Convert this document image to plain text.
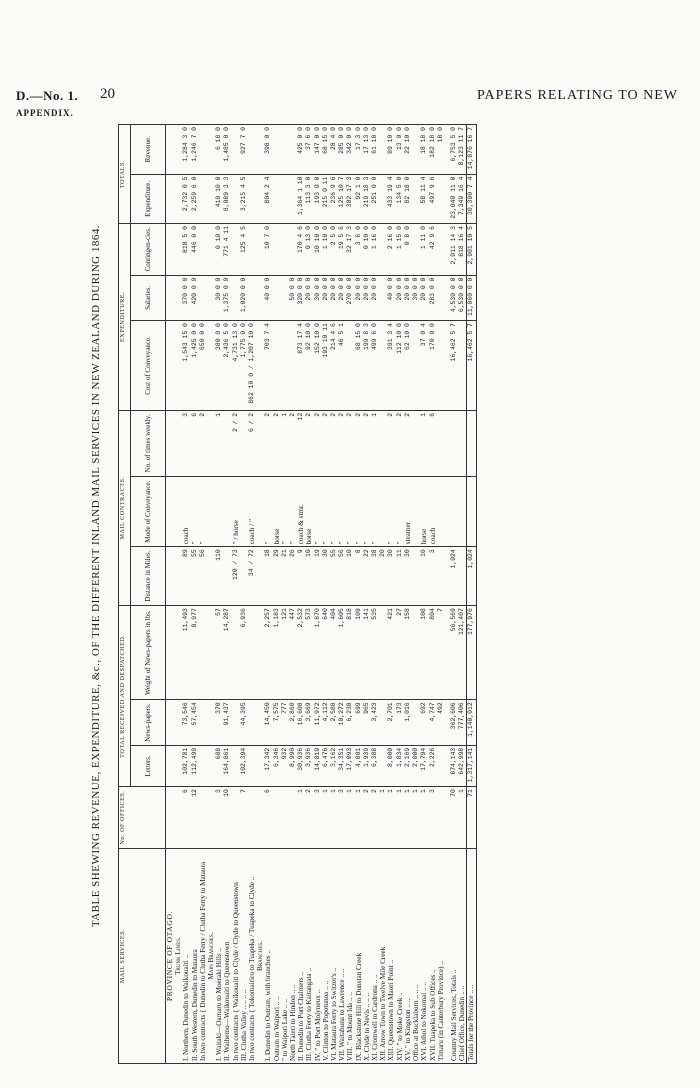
D.—No. 1. 20	PAPERS RELATING TO NEW
APPENDIX.
TABLE SHEWING REVENUE, EXPENDITURE, &c., OF THE DIFFERENT INLAND MAIL SERVICES IN NEW ZEALAND DURING 1864.
MAIL SERVICES.	No. OF OFFICES.	TOTAL RECEIVED AND DESPATCHED.			MAIL CONTRACTS.			EXPENDITURE.			TOTALS.	
		Letters.	News-papers.	Weight of News-papers in lbs.	Distance in Miles.	Mode of Conveyance.	No. of times weekly.	Cost of Conveyance.	Salaries.	Contingen-cies.	Expenditure.	Revenue.
PROVINCE OF OTAGO.												
Trunk Lines.												
I. Northern, Dunedin to Waikouaiti ..	6	102,781	73,546	11,493	89	coach	3	1,543 15 0	370 0 0	818 5 0	2,732 0 5	1,284 3 0
II. South Western, Dunedin to Mataura	12	112,499	57,454	8,977	55	"	6	1,425 0 0	420 0 0	446 0 0	2,259 6 0	1,246 7 0
In two contracts { Dunedin to Clutha Ferry / Clutha Ferry to Mataura					56	"	2	650 0 0				
Main Branches.												
I. Waitaki—Oamaru to Moeraki Hills ..	3	688	370	57	110		1	380 0 0	30 0 0	0 10 0	410 10 0	6 18 0
II. Waihemo—Waikouaiti to Queenstown	10	164,861	91,437	14,287				2,436 5 0	1,375 0 0	771 4 11	8,089 3 3	1,485 0 0
In two contracts { Waikouaiti to Clyde / Clyde to Queenstown					120 / 73	" / horse	2 / 2	4,731 13 0				
III. Clutha Valley .. .. .. ..	7	102,394	44,395	6,936				1,775 0 0	1,020 0 0	125 4 5	3,215 4 5	927 7 0
In two contracts { Tokomairiro to Tuapeka / Tuapeka to Clyde ..					34 / 72	coach / "	6 / 2	862 10 0 / 1,207 10 0				
Branches.												
I. Dunedin to Outram, with branches ..	6	17,342	14,450	2,257	18	"	2	703 7 4	40 0 0	10 7 0	804 2 4	398 0 0
Outram to Waipori .. ..		6,346	7,575	1,183	29	horse	2					
" to Waipori Lake .. ..		932	777	121	21	"	1					
North Taieri to Hindon .. ..		8,990	2,860	447	26	"	2		50 0 0			
II. Dunedin to Port Chalmers ..	1	30,936	16,608	2,532	9	coach & stmr.	12	873 17 4	320 0 0	170 4 6	1,364 1 10	425 0 0
III. Clutha Ferry to Kaitangata ..	2	3,936	3,669	573	10	horse	2	92 10 0	20 0 0	0 13 0	113 3 0	37 6 0
IV. " to Port Molyneux ..	3	14,810	11,972	1,870	19	"	2	152 10 0	30 0 0	10 10 0	193 0 0	147 0 0
V. Clinton to Popotunoa .. ..	1	6,476	4,112	640	30	"	2	193 10 11	20 0 0	1 10 0	215 0 11	68 15 0
VI. Mataura Ferry to Switzer's ..	1	3,162	2,588	404	55	"	2	214 4 6	20 0 0	2 5 0	236 9 6	28 4 0
VII. Waitahuna to Lawrence .. ..	3	34,351	10,272	1,605	56	"	2	46 5 1	20 0 0	19 5 6	125 10 7	285 0 0
VIII. " to Mount Ida .. ..	1	17,093	6,238	818	10	"	2		270 0 0	32 17 3	302 17 3	342 0 0
IX. Blackstone Hill to Dunstan Creek	1	4,801	699	109	8	"	2	68 15 0	20 0 0	3 6 0	92 1 0	17 3 0
X. Clyde to Nevis .. .. ..	2	1,939	965	141	22	"	2	199 8 3	20 0 0	0 10 0	219 18 3	17 13 0
XI. Cromwell to Cardrona .. ..	2	6,388	3,423	535	38	"	1	499 6 0	20 0 0	1 16 0	251 0 0	61 18 0
XII. Arrow Town to Twelve Mile Creek	1				20							
XIII. Queenstown to Maori Point ..	1	8,000	2,701	421	30	"	2	391 3 4	40 0 0	2 16 0	433 19 4	89 10 0
XIV. " to Moke Creek ..	1	1,834	173	27	11	"	2	112 10 0	20 0 0	1 15 0	134 5 0	13 0 0
XV. " to Kingston .. ..	1	2,169	1,016	158	30	steamer	2	62 10 0	20 0 0	0 8 0	82 18 0	22 10 0
Office at Bucklaburn .. .. ..	1	2,000							30 0 0			
XVI. Athol to Nokomai .. ..	1	17,794	692	108	10	horse	1	37 0 4	20 0 0	1 11 0	58 11 4	18 18 0
XVII. Tuapeka to Sub Offices ..	3	2,226	4,747	804	3	coach	6	170 0 0	283 0 0	42 9 6	497 9 6	182 18 0
Timaru (in Canterbury Province) ..			492	7								18 0

Country Mail Services, Totals ..	70	674,143	362,606	56,569	1,024			16,462 5 7	4,530 0 0	2,011 14 3	23,040 11 0	6,753 5 0
Chief Office, Dunedin .. ..	1	642,998	777,406	121,407					6,530 0 0	818 16 4	7,349 16 4	8,123 11 7
Totals for the Province .. ..	71	1,317,141	1,140,012	177,976	1,024			16,462 5 7	11,060 0 0	2,901 10 5	30,390 7 4	14,876 16 7
